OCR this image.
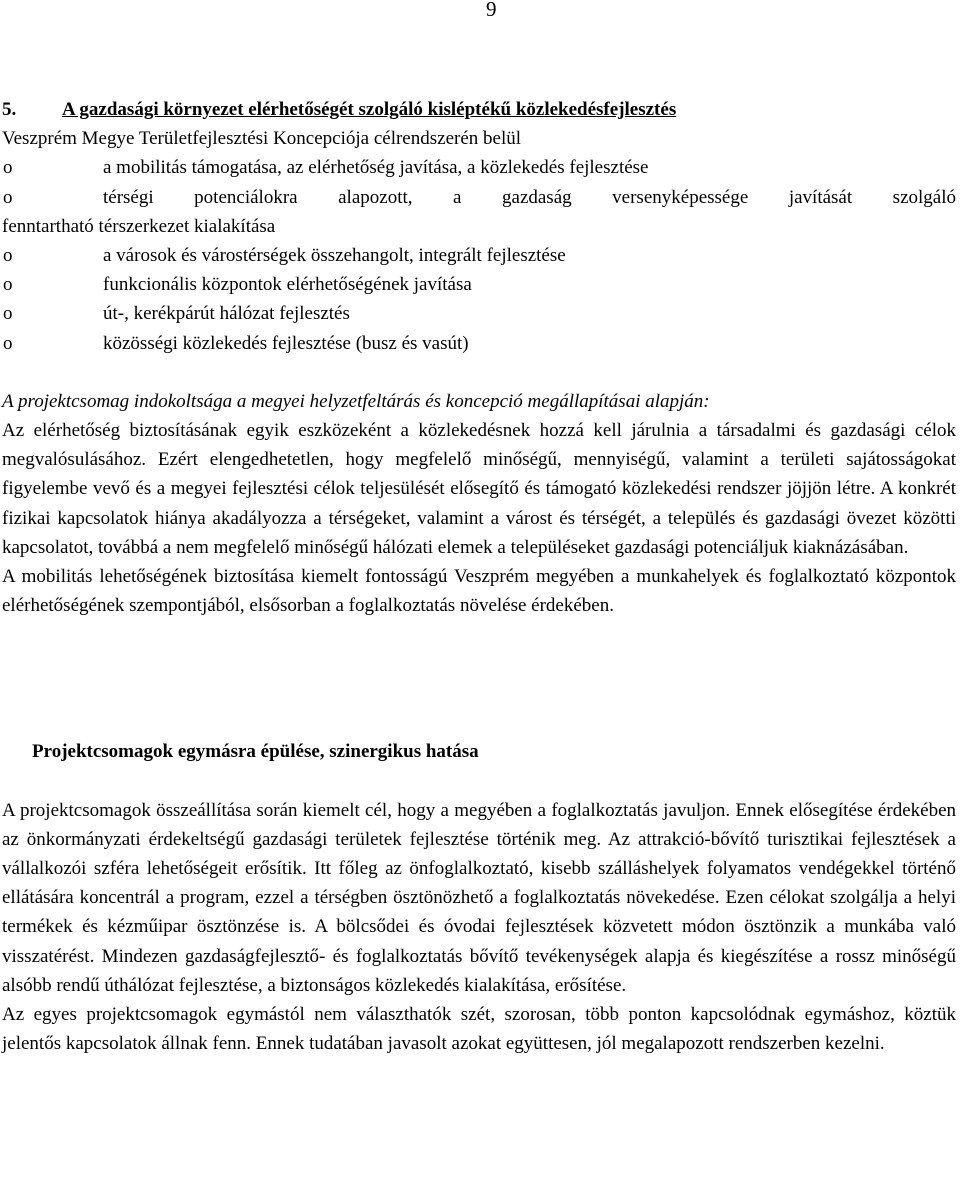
9

5. A gazdasági környezet elérhetőségét szolgáló kisléptékű közlekedésfejlesztés

Veszprém Megye Területfejlesztési Koncepciója célrendszerén belül

o	a mobilitás támogatása, az elérhetőség javítása, a közlekedés fejlesztése
o	térségi potenciálokra alapozott, a gazdaság versenyképessége javítását szolgáló
fenntartható térszerkezet kialakítása
o	a városok és várostérségek összehangolt, integrált fejlesztése
o	funkcionális központok elérhetőségének javítása
o	út-, kerékpárút hálózat fejlesztés
o	közösségi közlekedés fejlesztése (busz és vasút)

A projektcsomag indokoltsága a megyei helyzetfeltárás és koncepció megállapításai alapján:

Az elérhetőség biztosításának egyik eszközeként a közlekedésnek hozzá kell járulnia a társadalmi és gazdasági célok megvalósulásához. Ezért elengedhetetlen, hogy megfelelő minőségű, mennyiségű, valamint a területi sajátosságokat figyelembe vevő és a megyei fejlesztési célok teljesülését elősegítő és támogató közlekedési rendszer jöjjön létre. A konkrét fizikai kapcsolatok hiánya akadályozza a térségeket, valamint a várost és térségét, a település és gazdasági övezet közötti kapcsolatot, továbbá a nem megfelelő minőségű hálózati elemek a településeket gazdasági potenciáljuk kiaknázásában.

A mobilitás lehetőségének biztosítása kiemelt fontosságú Veszprém megyében a munkahelyek és foglalkoztató központok elérhetőségének szempontjából, elsősorban a foglalkoztatás növelése érdekében.

Projektcsomagok egymásra épülése, szinergikus hatása

A projektcsomagok összeállítása során kiemelt cél, hogy a megyében a foglalkoztatás javuljon. Ennek elősegítése érdekében az önkormányzati érdekeltségű gazdasági területek fejlesztése történik meg. Az attrakció-bővítő turisztikai fejlesztések a vállalkozói szféra lehetőségeit erősítik. Itt főleg az önfoglalkoztató, kisebb szálláshelyek folyamatos vendégekkel történő ellátására koncentrál a program, ezzel a térségben ösztönözhető a foglalkoztatás növekedése. Ezen célokat szolgálja a helyi termékek és kézműipar ösztönzése is. A bölcsődei és óvodai fejlesztések közvetett módon ösztönzik a munkába való visszatérést. Mindezen gazdaságfejlesztő- és foglalkoztatás bővítő tevékenységek alapja és kiegészítése a rossz minőségű alsóbb rendű úthálózat fejlesztése, a biztonságos közlekedés kialakítása, erősítése.

Az egyes projektcsomagok egymástól nem választhatók szét, szorosan, több ponton kapcsolódnak egymáshoz, köztük jelentős kapcsolatok állnak fenn. Ennek tudatában javasolt azokat együttesen, jól megalapozott rendszerben kezelni.
